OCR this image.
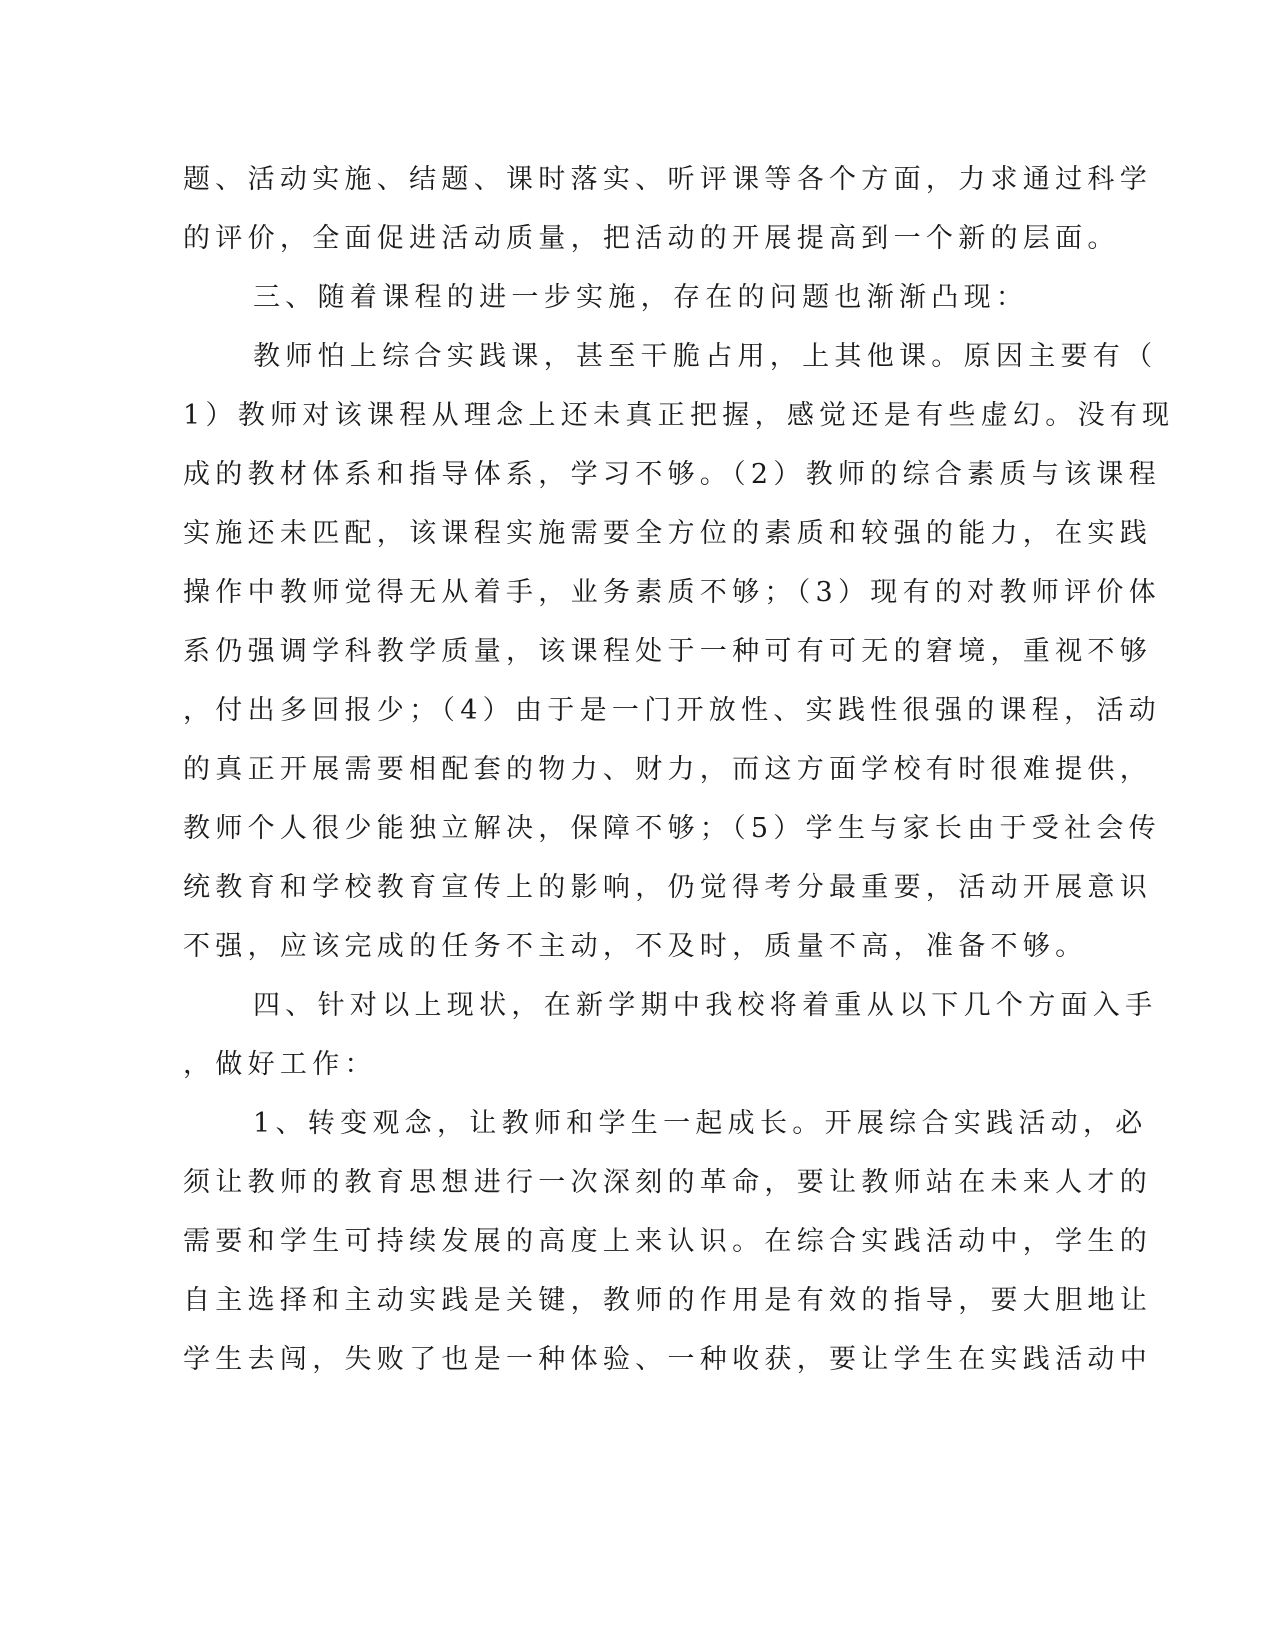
题、活动实施、结题、课时落实、听评课等各个方面，力求通过科学
的评价，全面促进活动质量，把活动的开展提高到一个新的层面。
三、随着课程的进一步实施，存在的问题也渐渐凸现：
教师怕上综合实践课，甚至干脆占用，上其他课。原因主要有（
1）教师对该课程从理念上还未真正把握，感觉还是有些虚幻。没有现
成的教材体系和指导体系，学习不够。（2）教师的综合素质与该课程
实施还未匹配，该课程实施需要全方位的素质和较强的能力，在实践
操作中教师觉得无从着手，业务素质不够；（3）现有的对教师评价体
系仍强调学科教学质量，该课程处于一种可有可无的窘境，重视不够
，付出多回报少；（4）由于是一门开放性、实践性很强的课程，活动
的真正开展需要相配套的物力、财力，而这方面学校有时很难提供，
教师个人很少能独立解决，保障不够；（5）学生与家长由于受社会传
统教育和学校教育宣传上的影响，仍觉得考分最重要，活动开展意识
不强，应该完成的任务不主动，不及时，质量不高，准备不够。
四、针对以上现状，在新学期中我校将着重从以下几个方面入手
，做好工作：
1、转变观念，让教师和学生一起成长。开展综合实践活动，必
须让教师的教育思想进行一次深刻的革命，要让教师站在未来人才的
需要和学生可持续发展的高度上来认识。在综合实践活动中，学生的
自主选择和主动实践是关键，教师的作用是有效的指导，要大胆地让
学生去闯，失败了也是一种体验、一种收获，要让学生在实践活动中
